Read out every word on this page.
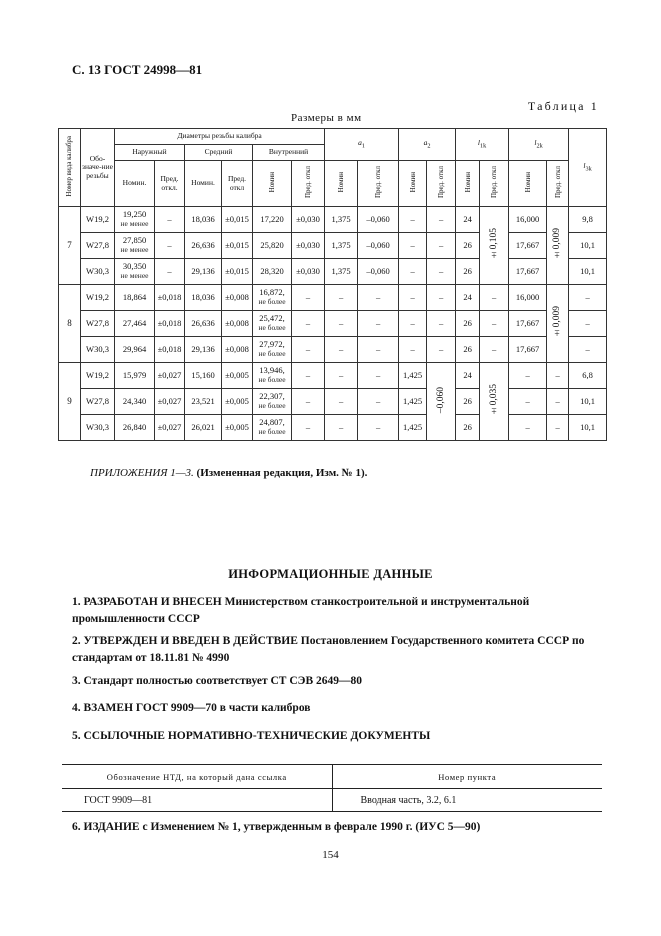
С. 13 ГОСТ 24998—81
Таблица 1
Размеры в мм
Номер вида калибра	Обо-значе-ние резьбы	Диаметры резьбы калибра						$a_1$		$a_2$		$l_{1k}$		$l_{2k}$		$l_{3k}$
		Наружный		Средний		Внутренний										
		Номин.	Пред. откл.	Номин.	Пред. откл	Номин	Пред. откл	Номин	Пред. откл	Номин	Пред. откл	Номин	Пред. откл	Номин	Пред. откл	
7	W19,2	19,250
не менее	–	18,036	±0,015	17,220	±0,030	1,375	–0,060	–	–	24	±0,105	16,000	±0,009	9,8
	W27,8	27,850
не менее	–	26,636	±0,015	25,820	±0,030	1,375	–0,060	–	–	26		17,667		10,1
	W30,3	30,350
не менее	–	29,136	±0,015	28,320	±0,030	1,375	–0,060	–	–	26		17,667		10,1
8	W19,2	18,864	±0,018	18,036	±0,008	16,872,
не более	–	–	–	–	–	24	–	16,000	±0,009	–
	W27,8	27,464	±0,018	26,636	±0,008	25,472,
не более	–	–	–	–	–	26	–	17,667		–
	W30,3	29,964	±0,018	29,136	±0,008	27,972,
не более	–	–	–	–	–	26	–	17,667		–
9	W19,2	15,979	±0,027	15,160	±0,005	13,946,
не более	–	–	–	1,425	–0,060	24	±0,035	–	–	6,8
	W27,8	24,340	±0,027	23,521	±0,005	22,307,
не более	–	–	–	1,425		26		–	–	10,1
	W30,3	26,840	±0,027	26,021	±0,005	24,807,
не более	–	–	–	1,425		26		–	–	10,1
ПРИЛОЖЕНИЯ 1—3. (Измененная редакция, Изм. № 1).
ИНФОРМАЦИОННЫЕ ДАННЫЕ
1. РАЗРАБОТАН И ВНЕСЕН Министерством станкостроительной и инструментальной промышленности СССР
2. УТВЕРЖДЕН И ВВЕДЕН В ДЕЙСТВИЕ Постановлением Государственного комитета СССР по стандартам от 18.11.81 № 4990
3. Стандарт полностью соответствует СТ СЭВ 2649—80
4. ВЗАМЕН ГОСТ 9909—70 в части калибров
5. ССЫЛОЧНЫЕ НОРМАТИВНО-ТЕХНИЧЕСКИЕ ДОКУМЕНТЫ
Обозначение НТД, на который дана ссылка	Номер пункта
ГОСТ 9909—81	Вводная часть, 3.2, 6.1
6. ИЗДАНИЕ с Изменением № 1, утвержденным в феврале 1990 г. (ИУС 5—90)
154
